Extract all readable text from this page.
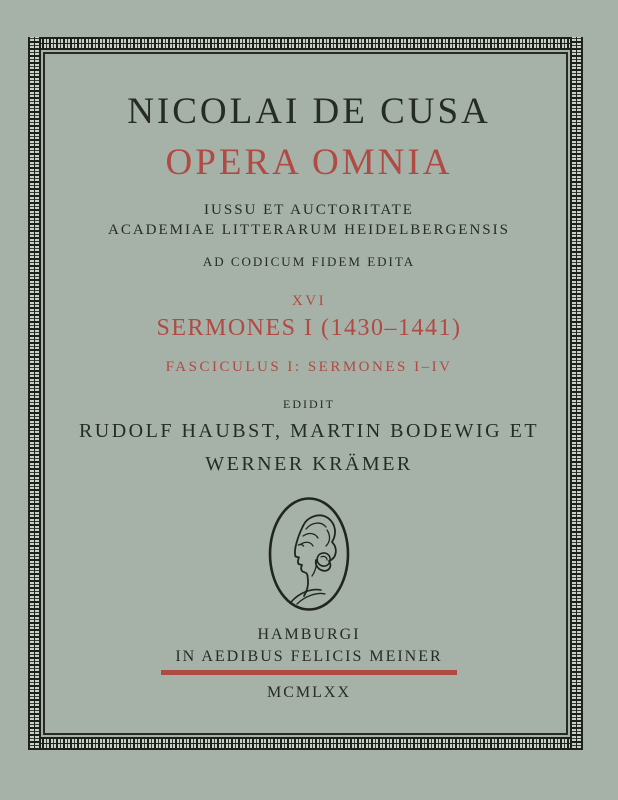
NICOLAI DE CUSA
OPERA OMNIA
IUSSU ET AUCTORITATE
ACADEMIAE LITTERARUM HEIDELBERGENSIS
AD CODICUM FIDEM EDITA
XVI
SERMONES I (1430–1441)
FASCICULUS I: SERMONES I–IV
EDIDIT
RUDOLF HAUBST, MARTIN BODEWIG ET
WERNER KRÄMER
HAMBURGI
IN AEDIBUS FELICIS MEINER
MCMLXX
